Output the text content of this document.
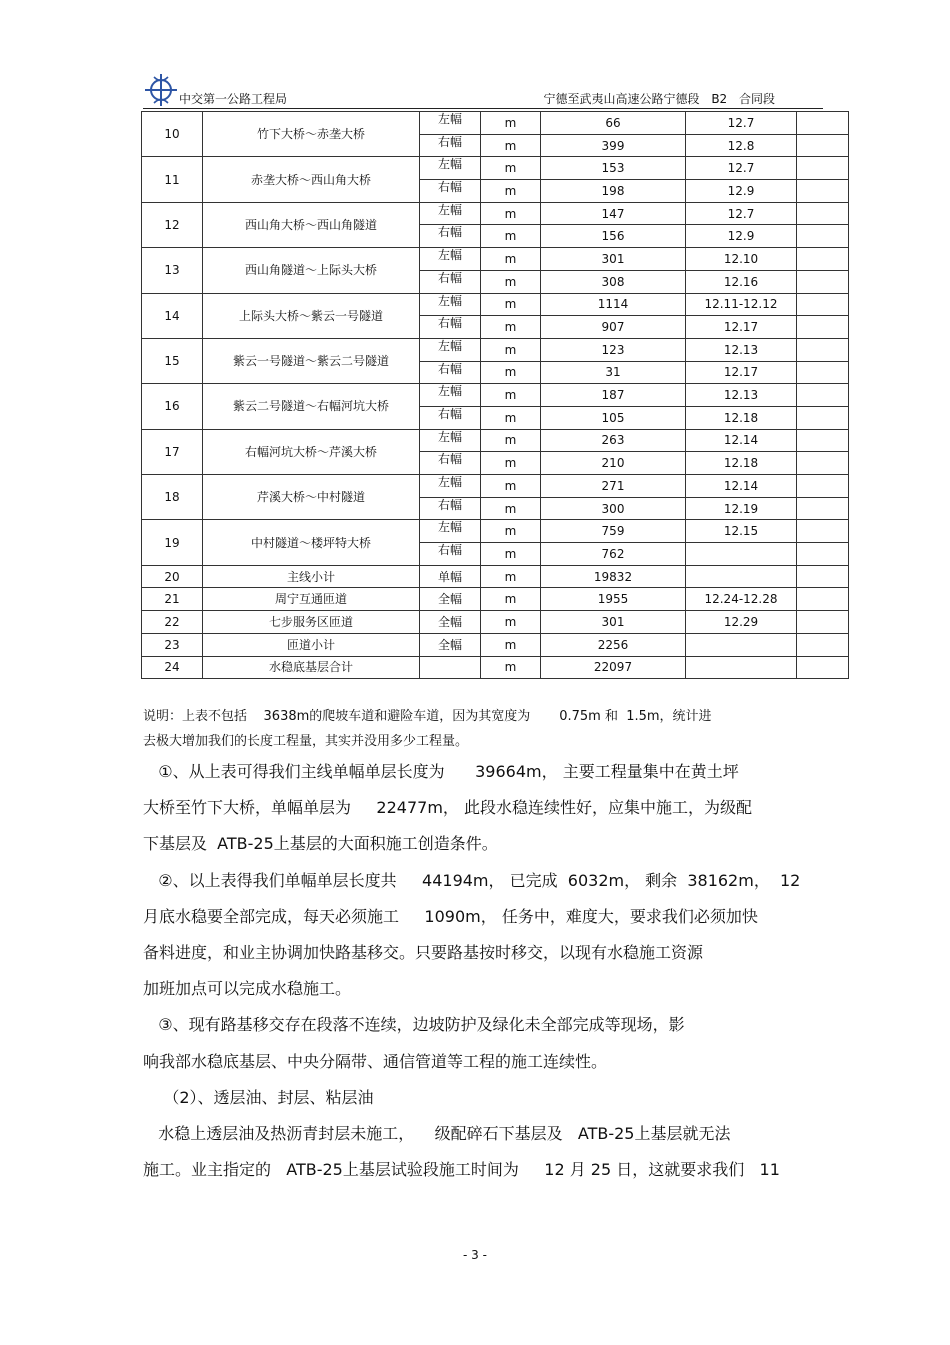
中交第一公路工程局	宁德至武夷山高速公路宁德段 B2 合同段
10	竹下大桥～赤垄大桥	左幅	m	66	12.7	
		右幅	m	399	12.8	
11	赤垄大桥～西山角大桥	左幅	m	153	12.7	
		右幅	m	198	12.9	
12	西山角大桥～西山角隧道	左幅	m	147	12.7	
		右幅	m	156	12.9	
13	西山角隧道～上际头大桥	左幅	m	301	12.10	
		右幅	m	308	12.16	
14	上际头大桥～紫云一号隧道	左幅	m	1114	12.11-12.12	
		右幅	m	907	12.17	
15	紫云一号隧道～紫云二号隧道	左幅	m	123	12.13	
		右幅	m	31	12.17	
16	紫云二号隧道～右幅河坑大桥	左幅	m	187	12.13	
		右幅	m	105	12.18	
17	右幅河坑大桥～芹溪大桥	左幅	m	263	12.14	
		右幅	m	210	12.18	
18	芹溪大桥～中村隧道	左幅	m	271	12.14	
		右幅	m	300	12.19	
19	中村隧道～楼坪特大桥	左幅	m	759	12.15	
		右幅	m	762		
20	主线小计	单幅	m	19832		
21	周宁互通匝道	全幅	m	1955	12.24-12.28	
22	七步服务区匝道	全幅	m	301	12.29	
23	匝道小计	全幅	m	2256		
24	水稳底基层合计		m	22097		
说明：上表不包括    3638m的爬坡车道和避险车道，因为其宽度为       0.75m 和  1.5m，统计进
去极大增加我们的长度工程量，其实并没用多少工程量。
①、从上表可得我们主线单幅单层长度为      39664m， 主要工程量集中在黄土坪
大桥至竹下大桥，单幅单层为     22477m， 此段水稳连续性好，应集中施工，为级配
下基层及  ATB-25上基层的大面积施工创造条件。
②、以上表得我们单幅单层长度共     44194m， 已完成  6032m， 剩余  38162m，  12
月底水稳要全部完成，每天必须施工     1090m， 任务中，难度大，要求我们必须加快
备料进度，和业主协调加快路基移交。只要路基按时移交，以现有水稳施工资源
加班加点可以完成水稳施工。
③、现有路基移交存在段落不连续，边坡防护及绿化未全部完成等现场，影
响我部水稳底基层、中央分隔带、通信管道等工程的施工连续性。
（2）、透层油、封层、粘层油
水稳上透层油及热沥青封层未施工，    级配碎石下基层及   ATB-25上基层就无法
施工。业主指定的   ATB-25上基层试验段施工时间为     12 月 25 日，这就要求我们   11
- 3 -
